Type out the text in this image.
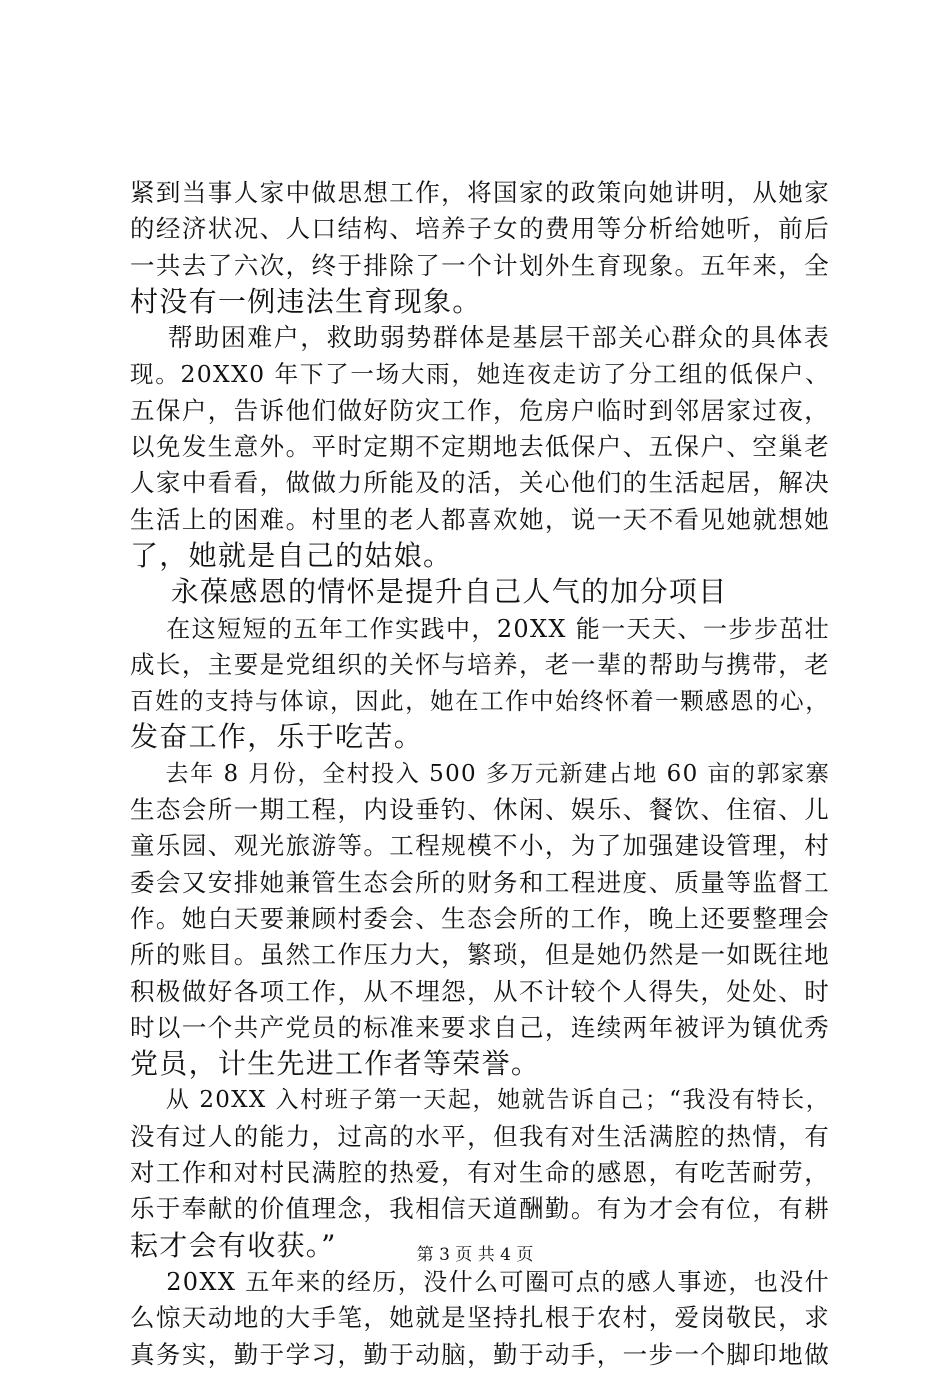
紧到当事人家中做思想工作，将国家的政策向她讲明，从她家
的经济状况、人口结构、培养子女的费用等分析给她听，前后
一共去了六次，终于排除了一个计划外生育现象。五年来，全
村没有一例违法生育现象。
帮助困难户，救助弱势群体是基层干部关心群众的具体表
现。20XX0 年下了一场大雨，她连夜走访了分工组的低保户、
五保户，告诉他们做好防灾工作，危房户临时到邻居家过夜，
以免发生意外。平时定期不定期地去低保户、五保户、空巢老
人家中看看，做做力所能及的活，关心他们的生活起居，解决
生活上的困难。村里的老人都喜欢她，说一天不看见她就想她
了，她就是自己的姑娘。
永葆感恩的情怀是提升自己人气的加分项目
在这短短的五年工作实践中，20XX 能一天天、一步步茁壮
成长，主要是党组织的关怀与培养，老一辈的帮助与携带，老
百姓的支持与体谅，因此，她在工作中始终怀着一颗感恩的心，
发奋工作，乐于吃苦。
去年 8 月份，全村投入 500 多万元新建占地 60 亩的郭家寨
生态会所一期工程，内设垂钓、休闲、娱乐、餐饮、住宿、儿
童乐园、观光旅游等。工程规模不小，为了加强建设管理，村
委会又安排她兼管生态会所的财务和工程进度、质量等监督工
作。她白天要兼顾村委会、生态会所的工作，晚上还要整理会
所的账目。虽然工作压力大，繁琐，但是她仍然是一如既往地
积极做好各项工作，从不埋怨，从不计较个人得失，处处、时
时以一个共产党员的标准来要求自己，连续两年被评为镇优秀
党员，计生先进工作者等荣誉。
从 20XX 入村班子第一天起，她就告诉自己；“我没有特长，
没有过人的能力，过高的水平，但我有对生活满腔的热情，有
对工作和对村民满腔的热爱，有对生命的感恩，有吃苦耐劳，
乐于奉献的价值理念，我相信天道酬勤。有为才会有位，有耕
耘才会有收获。”
20XX 五年来的经历，没什么可圈可点的感人事迹，也没什
么惊天动地的大手笔，她就是坚持扎根于农村，爱岗敬民，求
真务实，勤于学习，勤于动脑，勤于动手，一步一个脚印地做
第 3 页 共 4 页
